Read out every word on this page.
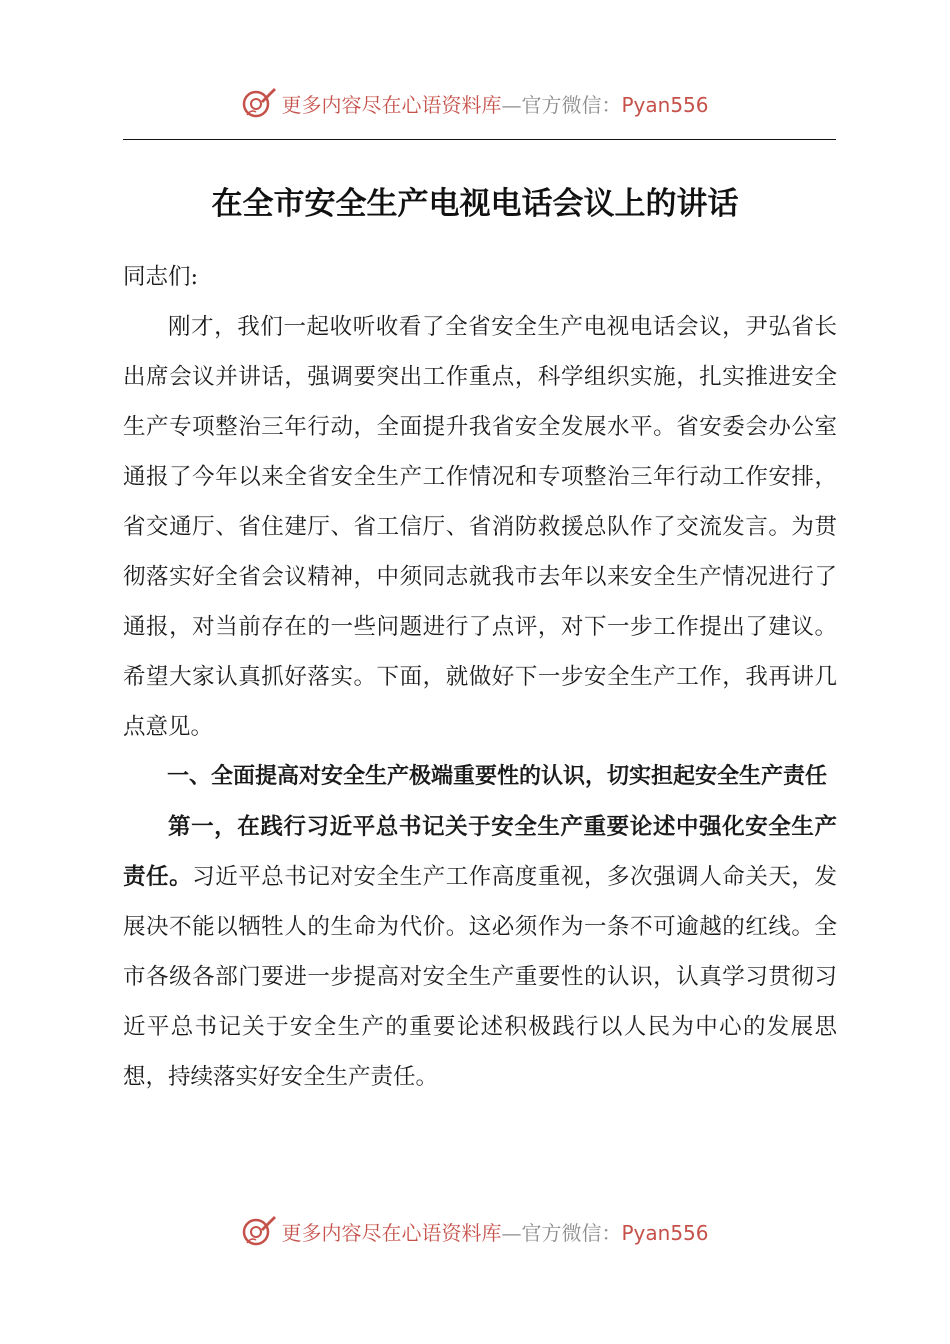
更多内容尽在心语资料库—官方微信：Pyan556
在全市安全生产电视电话会议上的讲话

同志们:

刚才，我们一起收听收看了全省安全生产电视电话会议，尹弘省长出席会议并讲话，强调要突出工作重点，科学组织实施，扎实推进安全生产专项整治三年行动，全面提升我省安全发展水平。省安委会办公室通报了今年以来全省安全生产工作情况和专项整治三年行动工作安排，省交通厅、省住建厅、省工信厅、省消防救援总队作了交流发言。为贯彻落实好全省会议精神，中须同志就我市去年以来安全生产情况进行了通报，对当前存在的一些问题进行了点评，对下一步工作提出了建议。希望大家认真抓好落实。下面，就做好下一步安全生产工作，我再讲几点意见。

一、全面提高对安全生产极端重要性的认识，切实担起安全生产责任

第一，在践行习近平总书记关于安全生产重要论述中强化安全生产责任。习近平总书记对安全生产工作高度重视，多次强调人命关天，发展决不能以牺牲人的生命为代价。这必须作为一条不可逾越的红线。全市各级各部门要进一步提高对安全生产重要性的认识，认真学习贯彻习近平总书记关于安全生产的重要论述积极践行以人民为中心的发展思想，持续落实好安全生产责任。

更多内容尽在心语资料库—官方微信：Pyan556
